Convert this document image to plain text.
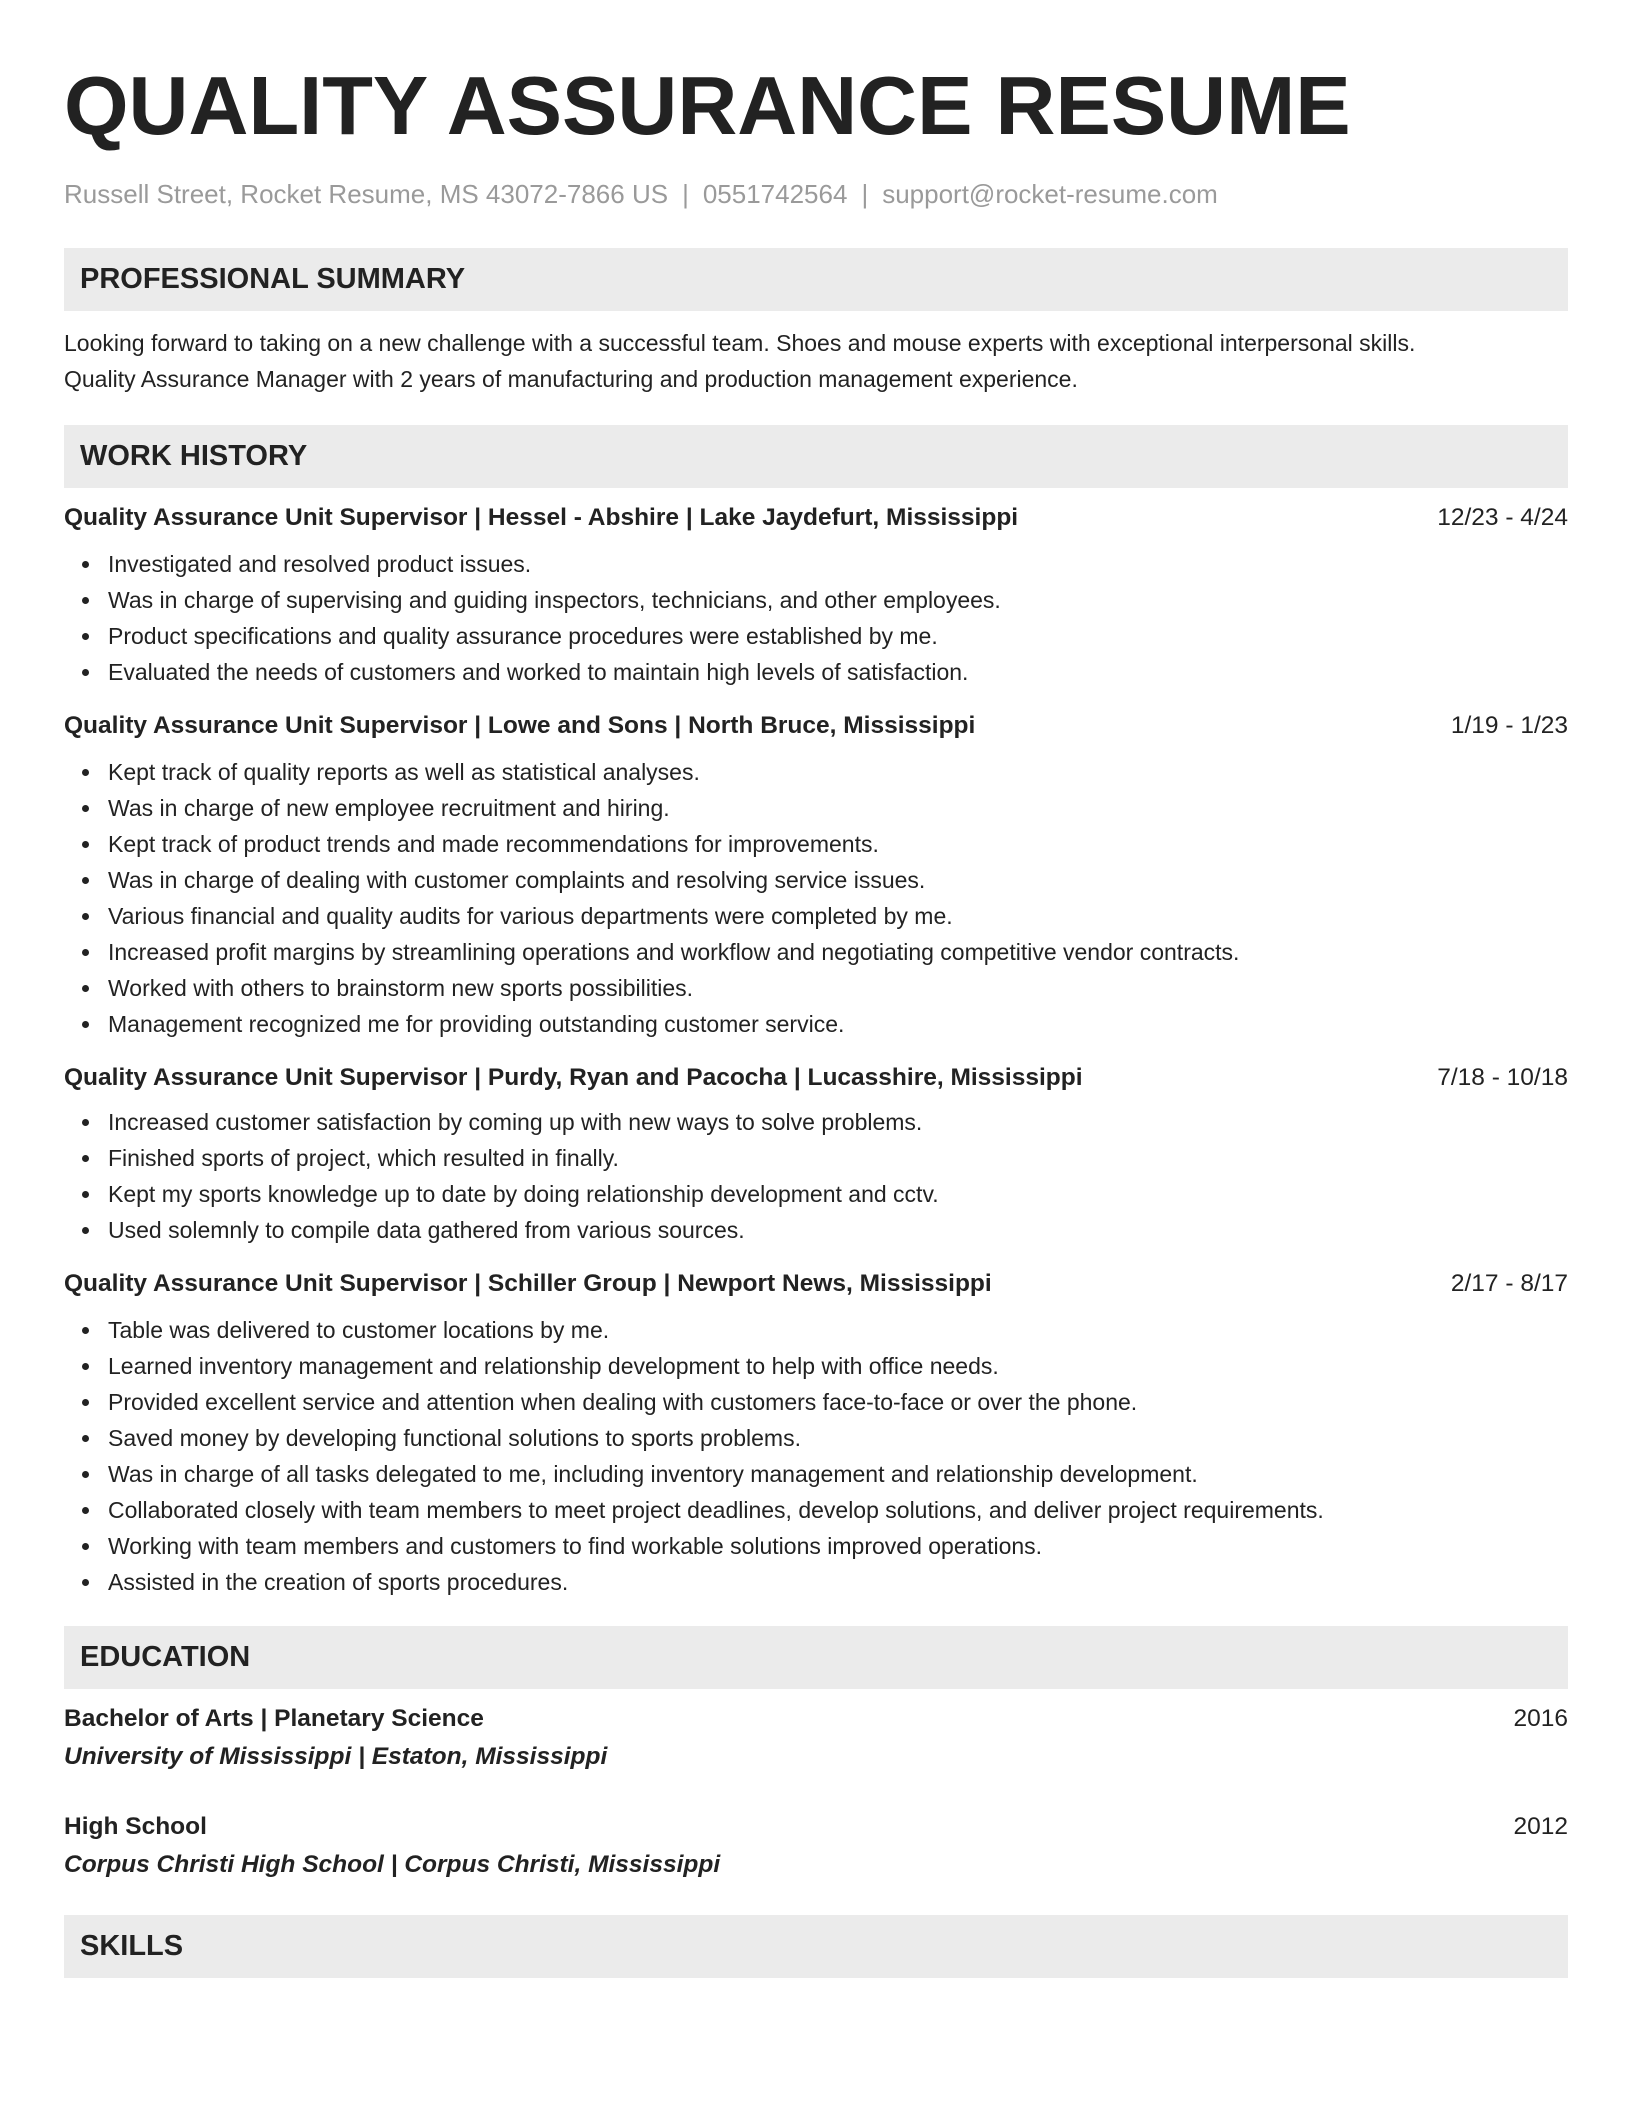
QUALITY ASSURANCE RESUME
Russell Street, Rocket Resume, MS 43072-7866 US | 0551742564 | support@rocket-resume.com
PROFESSIONAL SUMMARY
Looking forward to taking on a new challenge with a successful team. Shoes and mouse experts with exceptional interpersonal skills.
Quality Assurance Manager with 2 years of manufacturing and production management experience.
WORK HISTORY
Quality Assurance Unit Supervisor | Hessel - Abshire | Lake Jaydefurt, Mississippi	12/23 - 4/24
Investigated and resolved product issues.
Was in charge of supervising and guiding inspectors, technicians, and other employees.
Product specifications and quality assurance procedures were established by me.
Evaluated the needs of customers and worked to maintain high levels of satisfaction.
Quality Assurance Unit Supervisor | Lowe and Sons | North Bruce, Mississippi	1/19 - 1/23
Kept track of quality reports as well as statistical analyses.
Was in charge of new employee recruitment and hiring.
Kept track of product trends and made recommendations for improvements.
Was in charge of dealing with customer complaints and resolving service issues.
Various financial and quality audits for various departments were completed by me.
Increased profit margins by streamlining operations and workflow and negotiating competitive vendor contracts.
Worked with others to brainstorm new sports possibilities.
Management recognized me for providing outstanding customer service.
Quality Assurance Unit Supervisor | Purdy, Ryan and Pacocha | Lucasshire, Mississippi	7/18 - 10/18
Increased customer satisfaction by coming up with new ways to solve problems.
Finished sports of project, which resulted in finally.
Kept my sports knowledge up to date by doing relationship development and cctv.
Used solemnly to compile data gathered from various sources.
Quality Assurance Unit Supervisor | Schiller Group | Newport News, Mississippi	2/17 - 8/17
Table was delivered to customer locations by me.
Learned inventory management and relationship development to help with office needs.
Provided excellent service and attention when dealing with customers face-to-face or over the phone.
Saved money by developing functional solutions to sports problems.
Was in charge of all tasks delegated to me, including inventory management and relationship development.
Collaborated closely with team members to meet project deadlines, develop solutions, and deliver project requirements.
Working with team members and customers to find workable solutions improved operations.
Assisted in the creation of sports procedures.
EDUCATION
Bachelor of Arts | Planetary Science	2016
University of Mississippi | Estaton, Mississippi
High School	2012
Corpus Christi High School | Corpus Christi, Mississippi
SKILLS
